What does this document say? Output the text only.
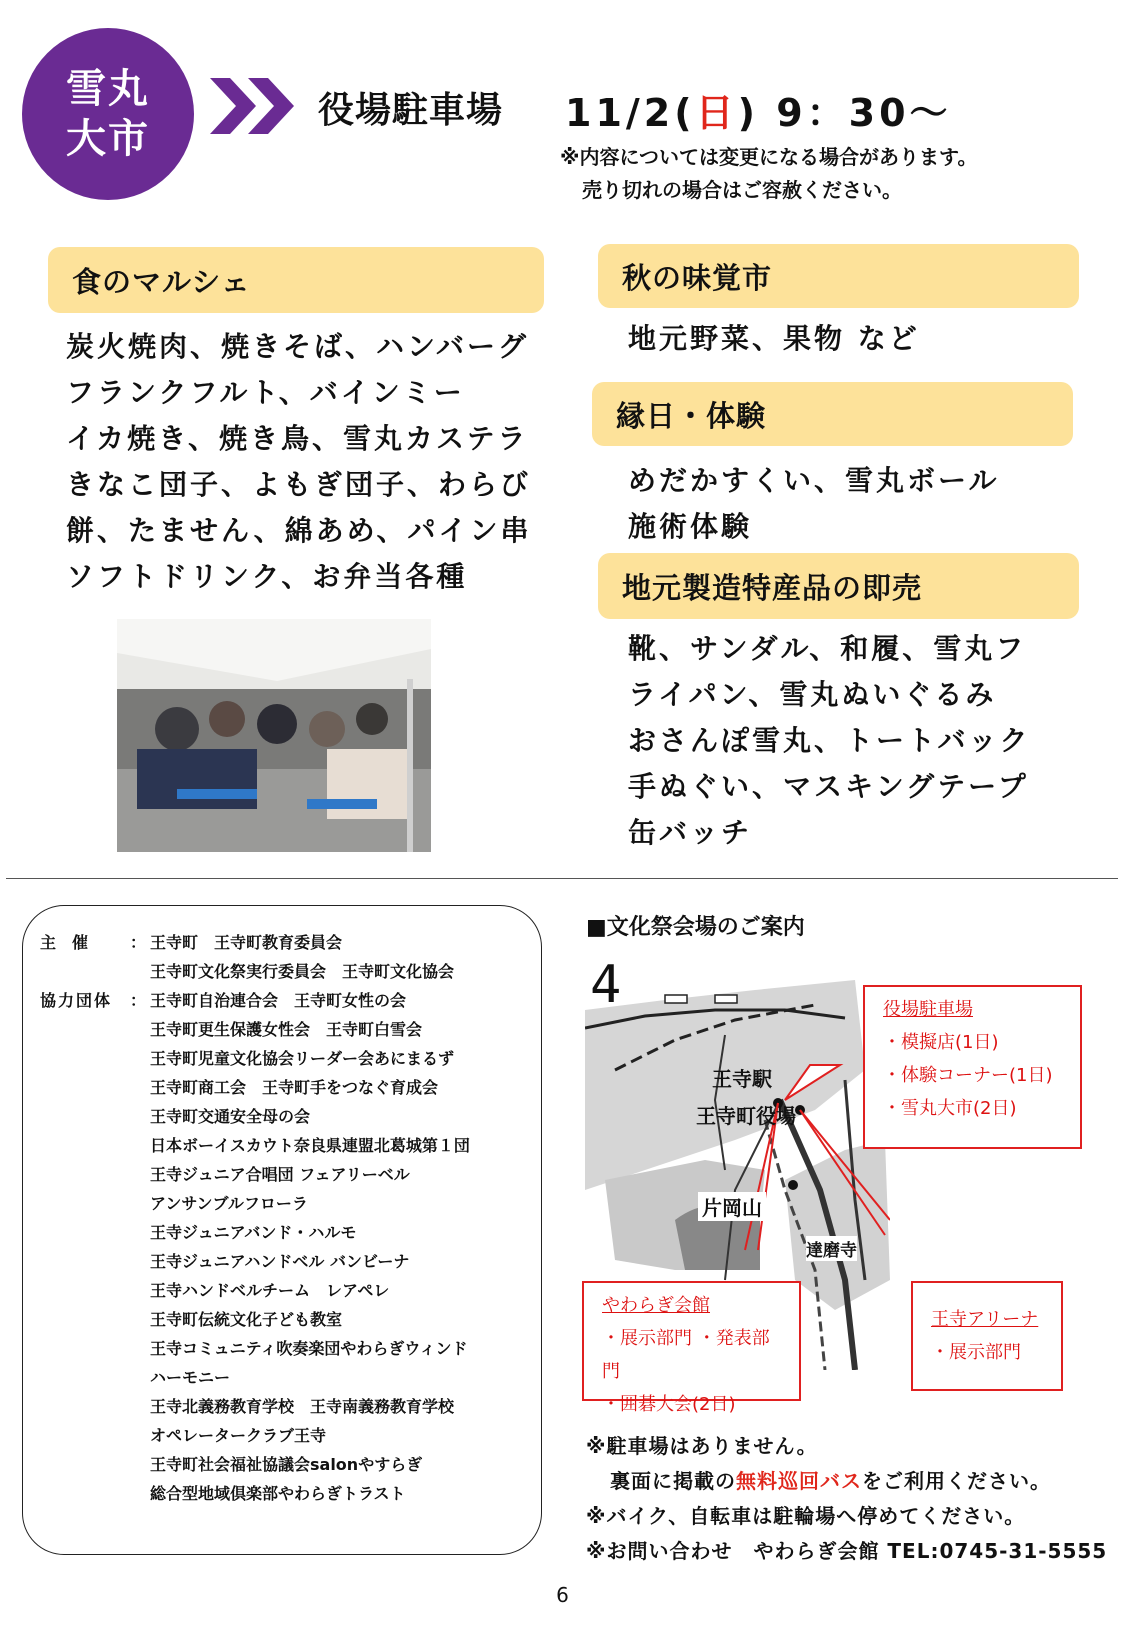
雪丸
大市
役場駐車場 11/2(日) 9：30～
※内容については変更になる場合があります。
売り切れの場合はご容赦ください。
食のマルシェ
炭火焼肉、焼きそば、ハンバーグ
フランクフルト、バインミー
イカ焼き、焼き鳥、雪丸カステラ
きなこ団子、よもぎ団子、わらび
餅、たません、綿あめ、パイン串
ソフトドリンク、お弁当各種
秋の味覚市
地元野菜、果物 など
縁日・体験
めだかすくい、雪丸ボール
施術体験
地元製造特産品の即売
靴、サンダル、和履、雪丸フ
ライパン、雪丸ぬいぐるみ
おさんぽ雪丸、トートバック
手ぬぐい、マスキングテープ
缶バッチ
主　催	： 王寺町　王寺町教育委員会
王寺町文化祭実行委員会　王寺町文化協会
協力団体	： 王寺町自治連合会　王寺町女性の会
王寺町更生保護女性会　王寺町白雪会
王寺町児童文化協会リーダー会あにまるず
王寺町商工会　王寺町手をつなぐ育成会
王寺町交通安全母の会
日本ボーイスカウト奈良県連盟北葛城第１団
王寺ジュニア合唱団 フェアリーベル
アンサンブルフローラ
王寺ジュニアバンド・ハルモ
王寺ジュニアハンドベル バンビーナ
王寺ハンドベルチーム　レアペレ
王寺町伝統文化子ども教室
王寺コミュニティ吹奏楽団やわらぎウィンド
ハーモニー
王寺北義務教育学校　王寺南義務教育学校
オペレータークラブ王寺
王寺町社会福祉協議会salonやすらぎ
総合型地域倶楽部やわらぎトラスト
■文化祭会場のご案内
4
王寺駅
王寺町役場
片岡山
達磨寺
役場駐車場
・模擬店(1日)
・体験コーナー(1日)
・雪丸大市(2日)
やわらぎ会館
・展示部門 ・発表部門
・囲碁大会(2日)
王寺アリーナ
・展示部門
※駐車場はありません。
裏面に掲載の無料巡回バスをご利用ください。
※バイク、自転車は駐輪場へ停めてください。
※お問い合わせ　やわらぎ会館 TEL:0745-31-5555
6
